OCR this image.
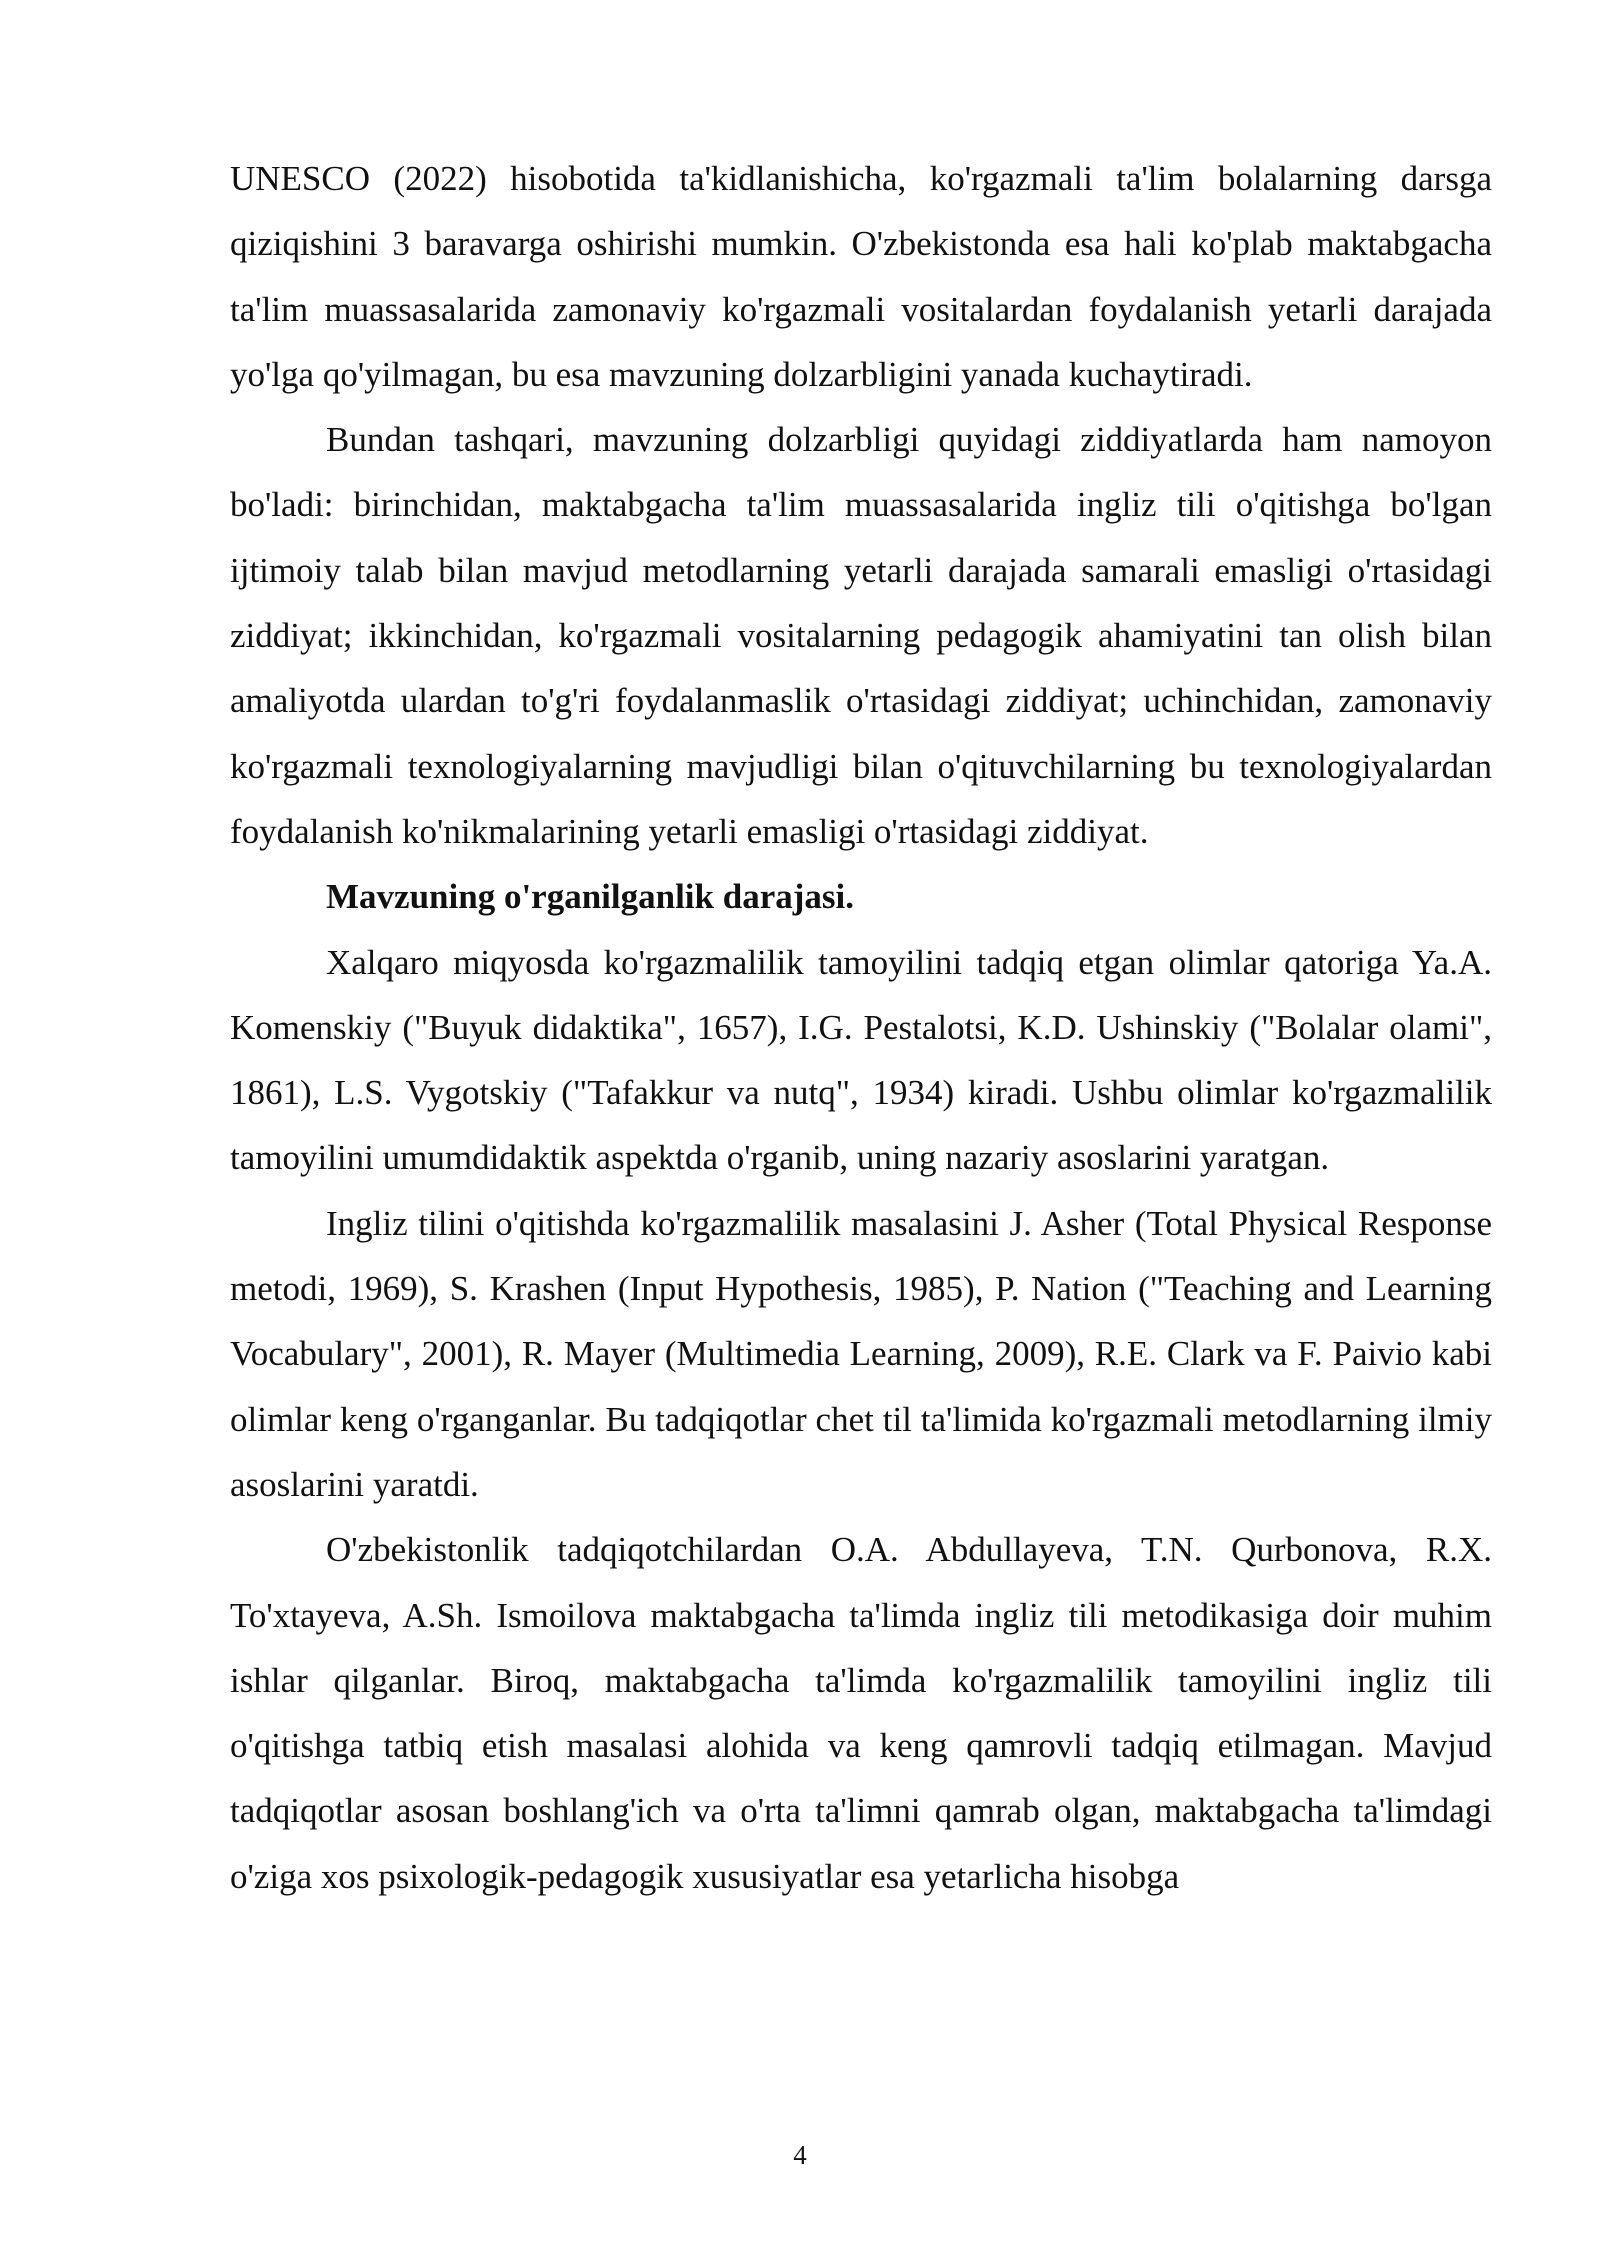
UNESCO (2022) hisobotida ta'kidlanishicha, ko'rgazmali ta'lim bolalarning darsga qiziqishini 3 baravarga oshirishi mumkin. O'zbekistonda esa hali ko'plab maktabgacha ta'lim muassasalarida zamonaviy ko'rgazmali vositalardan foydalanish yetarli darajada yo'lga qo'yilmagan, bu esa mavzuning dolzarbligini yanada kuchaytiradi.

Bundan tashqari, mavzuning dolzarbligi quyidagi ziddiyatlarda ham namoyon bo'ladi: birinchidan, maktabgacha ta'lim muassasalarida ingliz tili o'qitishga bo'lgan ijtimoiy talab bilan mavjud metodlarning yetarli darajada samarali emasligi o'rtasidagi ziddiyat; ikkinchidan, ko'rgazmali vositalarning pedagogik ahamiyatini tan olish bilan amaliyotda ulardan to'g'ri foydalanmaslik o'rtasidagi ziddiyat; uchinchidan, zamonaviy ko'rgazmali texnologiyalarning mavjudligi bilan o'qituvchilarning bu texnologiyalardan foydalanish ko'nikmalarining yetarli emasligi o'rtasidagi ziddiyat.

Mavzuning o'rganilganlik darajasi.

Xalqaro miqyosda ko'rgazmalilik tamoyilini tadqiq etgan olimlar qatoriga Ya.A. Komenskiy ("Buyuk didaktika", 1657), I.G. Pestalotsi, K.D. Ushinskiy ("Bolalar olami", 1861), L.S. Vygotskiy ("Tafakkur va nutq", 1934) kiradi. Ushbu olimlar ko'rgazmalilik tamoyilini umumdidaktik aspektda o'rganib, uning nazariy asoslarini yaratgan.

Ingliz tilini o'qitishda ko'rgazmalilik masalasini J. Asher (Total Physical Response metodi, 1969), S. Krashen (Input Hypothesis, 1985), P. Nation ("Teaching and Learning Vocabulary", 2001), R. Mayer (Multimedia Learning, 2009), R.E. Clark va F. Paivio kabi olimlar keng o'rganganlar. Bu tadqiqotlar chet til ta'limida ko'rgazmali metodlarning ilmiy asoslarini yaratdi.

O'zbekistonlik tadqiqotchilardan O.A. Abdullayeva, T.N. Qurbonova, R.X. To'xtayeva, A.Sh. Ismoilova maktabgacha ta'limda ingliz tili metodikasiga doir muhim ishlar qilganlar. Biroq, maktabgacha ta'limda ko'rgazmalilik tamoyilini ingliz tili o'qitishga tatbiq etish masalasi alohida va keng qamrovli tadqiq etilmagan. Mavjud tadqiqotlar asosan boshlang'ich va o'rta ta'limni qamrab olgan, maktabgacha ta'limdagi o'ziga xos psixologik-pedagogik xususiyatlar esa yetarlicha hisobga

4
